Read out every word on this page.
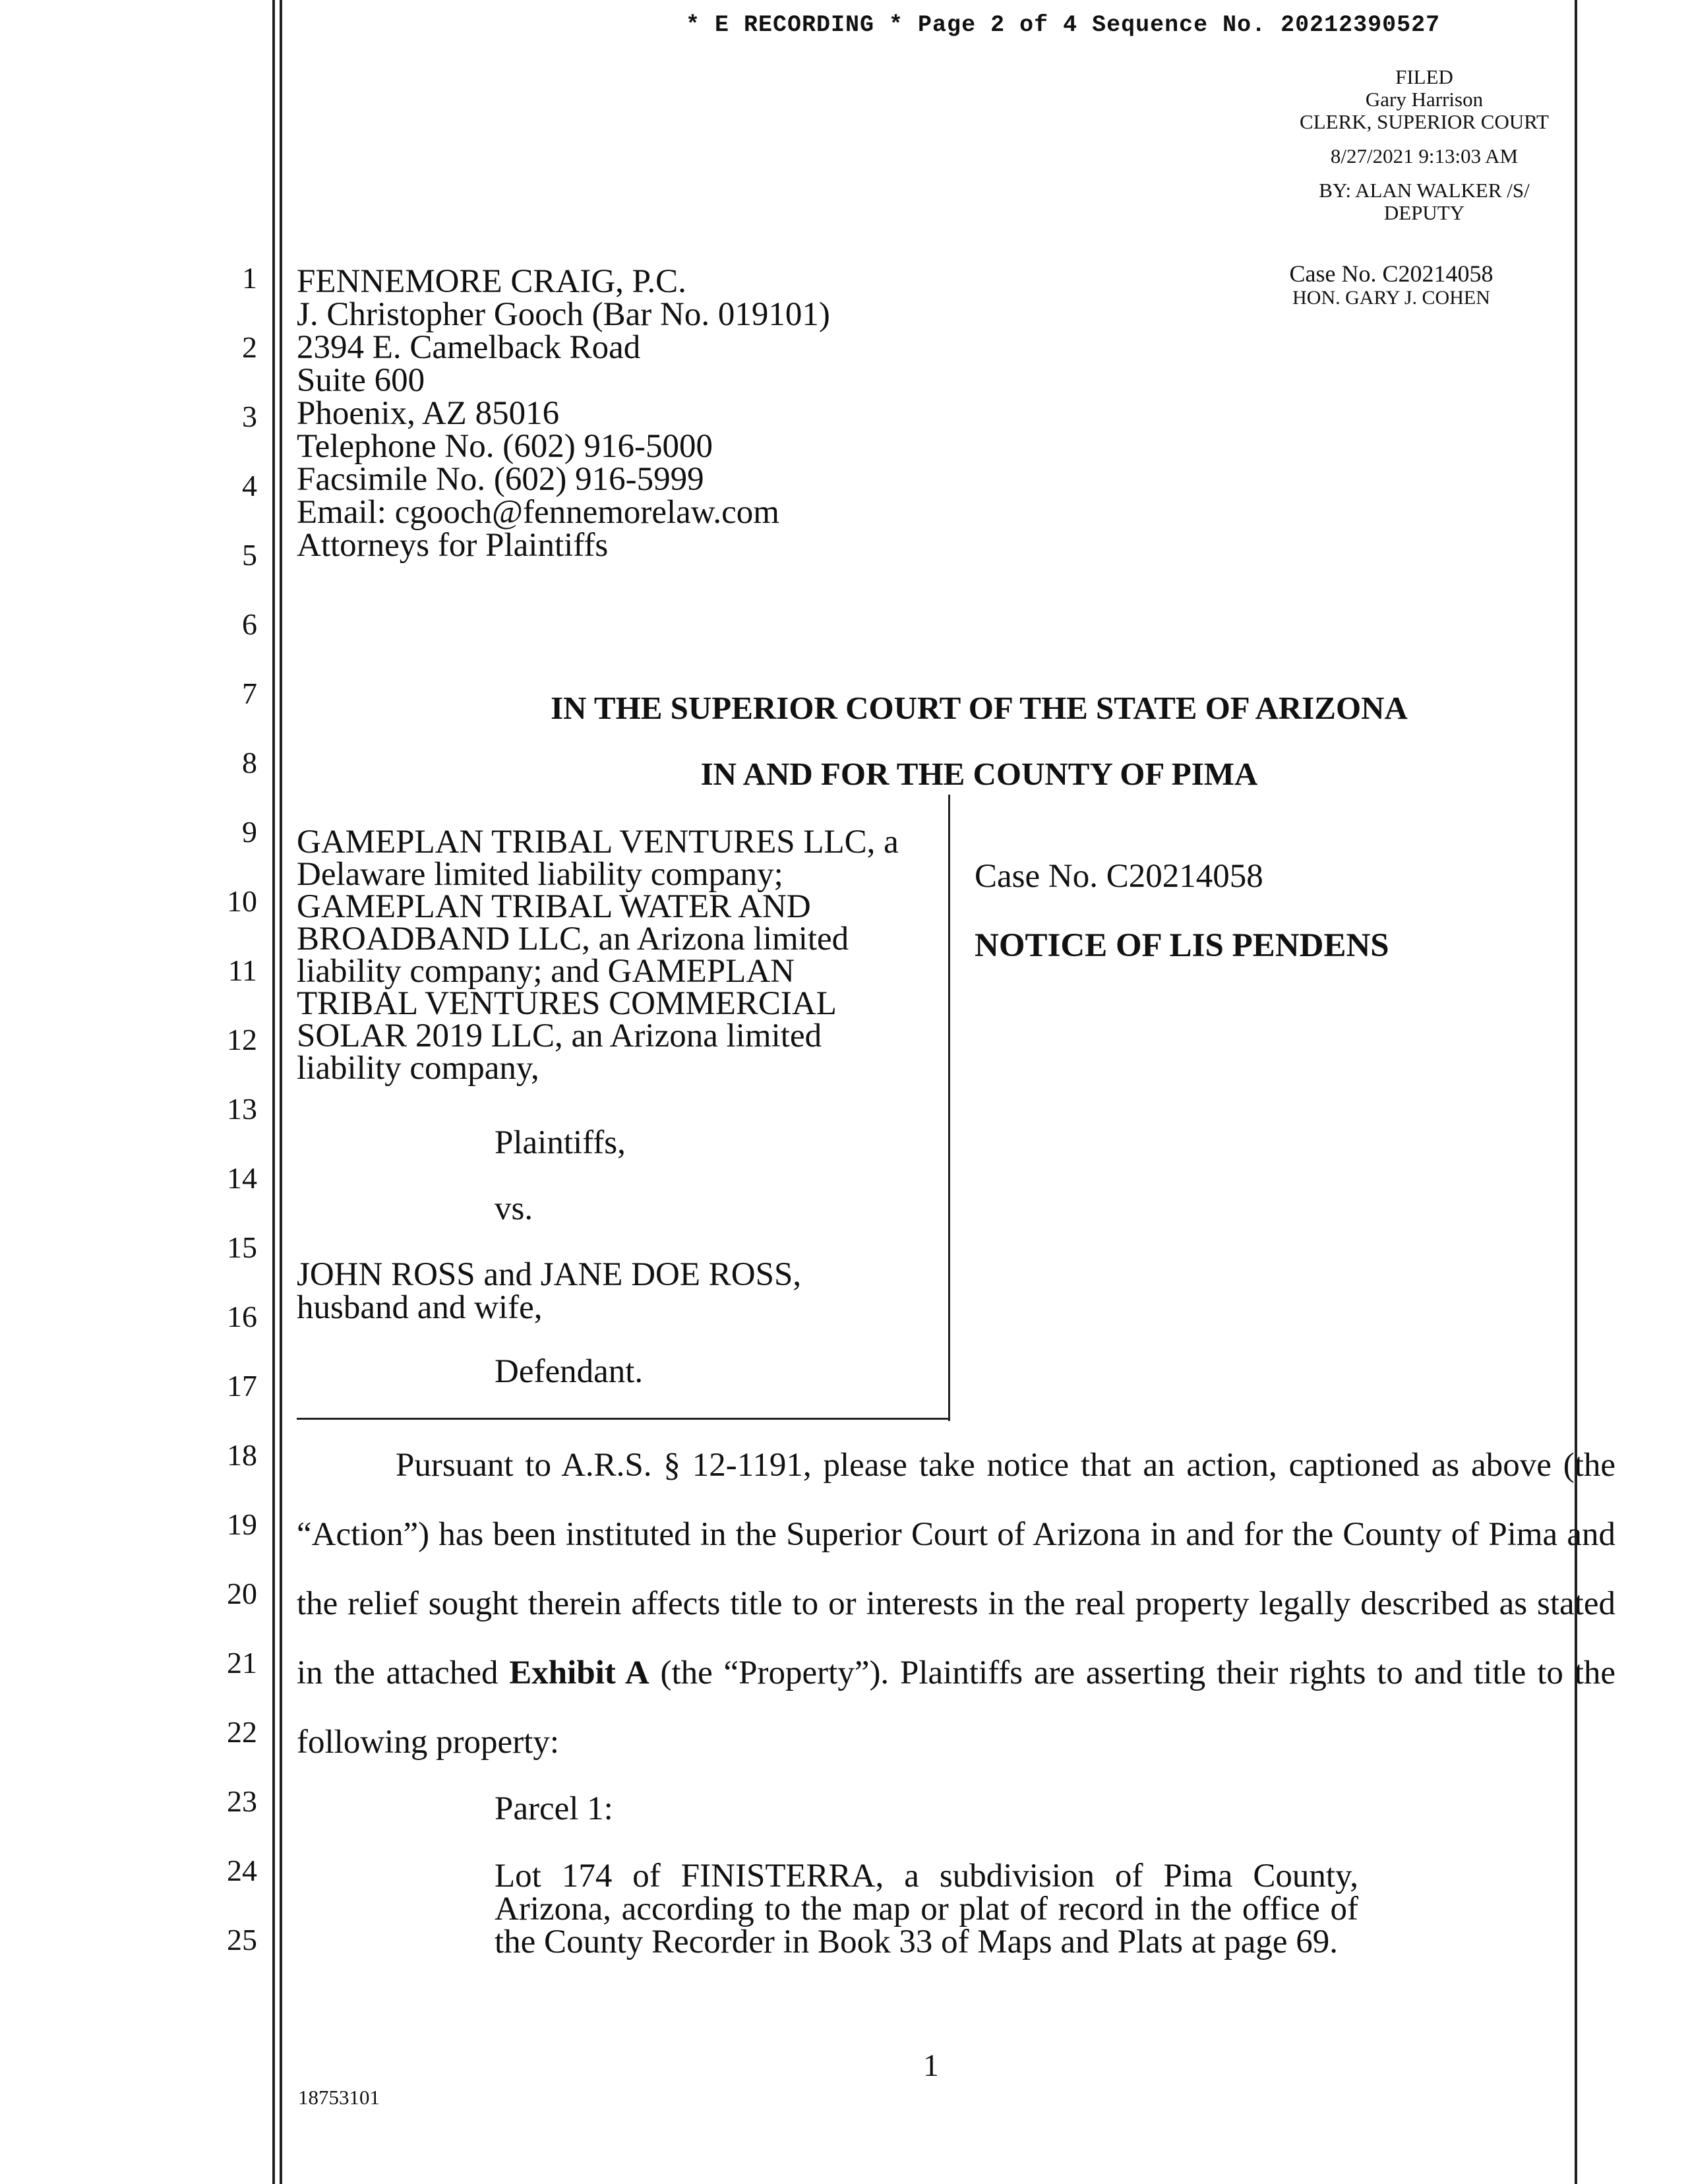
* E RECORDING * Page 2 of 4 Sequence No. 20212390527
FILED
Gary Harrison
CLERK, SUPERIOR COURT
8/27/2021 9:13:03 AM
BY: ALAN WALKER /S/
DEPUTY
Case No. C20214058
HON. GARY J. COHEN
1
2
3
4
5
6
7
8
9
10
11
12
13
14
15
16
17
18
19
20
21
22
23
24
25
FENNEMORE CRAIG, P.C.
J. Christopher Gooch (Bar No. 019101)
2394 E. Camelback Road
Suite 600
Phoenix, AZ 85016
Telephone No. (602) 916-5000
Facsimile No. (602) 916-5999
Email: cgooch@fennemorelaw.com
Attorneys for Plaintiffs
IN THE SUPERIOR COURT OF THE STATE OF ARIZONA
IN AND FOR THE COUNTY OF PIMA
GAMEPLAN TRIBAL VENTURES LLC, a
Delaware limited liability company;
GAMEPLAN TRIBAL WATER AND
BROADBAND LLC, an Arizona limited
liability company; and GAMEPLAN
TRIBAL VENTURES COMMERCIAL
SOLAR 2019 LLC, an Arizona limited
liability company,
Plaintiffs,
vs.
JOHN ROSS and JANE DOE ROSS,
husband and wife,
Defendant.
Case No. C20214058
NOTICE OF LIS PENDENS
Pursuant to A.R.S. § 12-1191, please take notice that an action, captioned as above (the “Action”) has been instituted in the Superior Court of Arizona in and for the County of Pima and the relief sought therein affects title to or interests in the real property legally described as stated in the attached Exhibit A (the “Property”). Plaintiffs are asserting their rights to and title to the following property:
Parcel 1:
Lot 174 of FINISTERRA, a subdivision of Pima County, Arizona, according to the map or plat of record in the office of the County Recorder in Book 33 of Maps and Plats at page 69.
1
18753101
